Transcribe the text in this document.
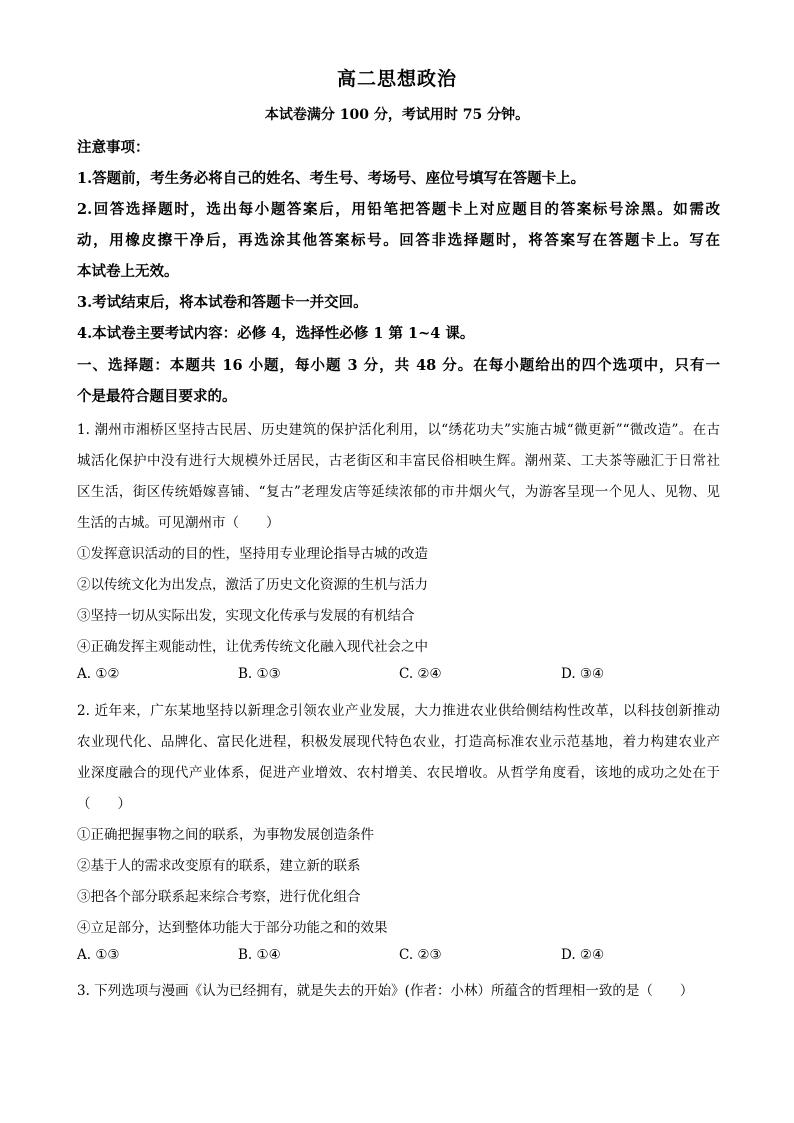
高二思想政治
本试卷满分 100 分，考试用时 75 分钟。
注意事项：
1.答题前，考生务必将自己的姓名、考生号、考场号、座位号填写在答题卡上。
2.回答选择题时，选出每小题答案后，用铅笔把答题卡上对应题目的答案标号涂黑。如需改
动，用橡皮擦干净后，再选涂其他答案标号。回答非选择题时，将答案写在答题卡上。写在
本试卷上无效。
3.考试结束后，将本试卷和答题卡一并交回。
4.本试卷主要考试内容：必修 4，选择性必修 1 第 1~4 课。
一、选择题：本题共 16 小题，每小题 3 分，共 48 分。在每小题给出的四个选项中，只有一
个是最符合题目要求的。
1. 潮州市湘桥区坚持古民居、历史建筑的保护活化利用，以“绣花功夫”实施古城“微更新”“微改造”。在古
城活化保护中没有进行大规模外迁居民，古老街区和丰富民俗相映生辉。潮州菜、工夫茶等融汇于日常社
区生活，街区传统婚嫁喜铺、“复古”老理发店等延续浓郁的市井烟火气，为游客呈现一个见人、见物、见
生活的古城。可见潮州市（　　）
①发挥意识活动的目的性，坚持用专业理论指导古城的改造
②以传统文化为出发点，激活了历史文化资源的生机与活力
③坚持一切从实际出发，实现文化传承与发展的有机结合
④正确发挥主观能动性，让优秀传统文化融入现代社会之中
A. ①②	B. ①③	C. ②④	D. ③④
2. 近年来，广东某地坚持以新理念引领农业产业发展，大力推进农业供给侧结构性改革，以科技创新推动
农业现代化、品牌化、富民化进程，积极发展现代特色农业，打造高标准农业示范基地，着力构建农业产
业深度融合的现代产业体系，促进产业增效、农村增美、农民增收。从哲学角度看，该地的成功之处在于
（　　）
①正确把握事物之间的联系，为事物发展创造条件
②基于人的需求改变原有的联系，建立新的联系
③把各个部分联系起来综合考察，进行优化组合
④立足部分，达到整体功能大于部分功能之和的效果
A. ①③	B. ①④	C. ②③	D. ②④
3. 下列选项与漫画《认为已经拥有，就是失去的开始》(作者：小林）所蕴含的哲理相一致的是（　　）
